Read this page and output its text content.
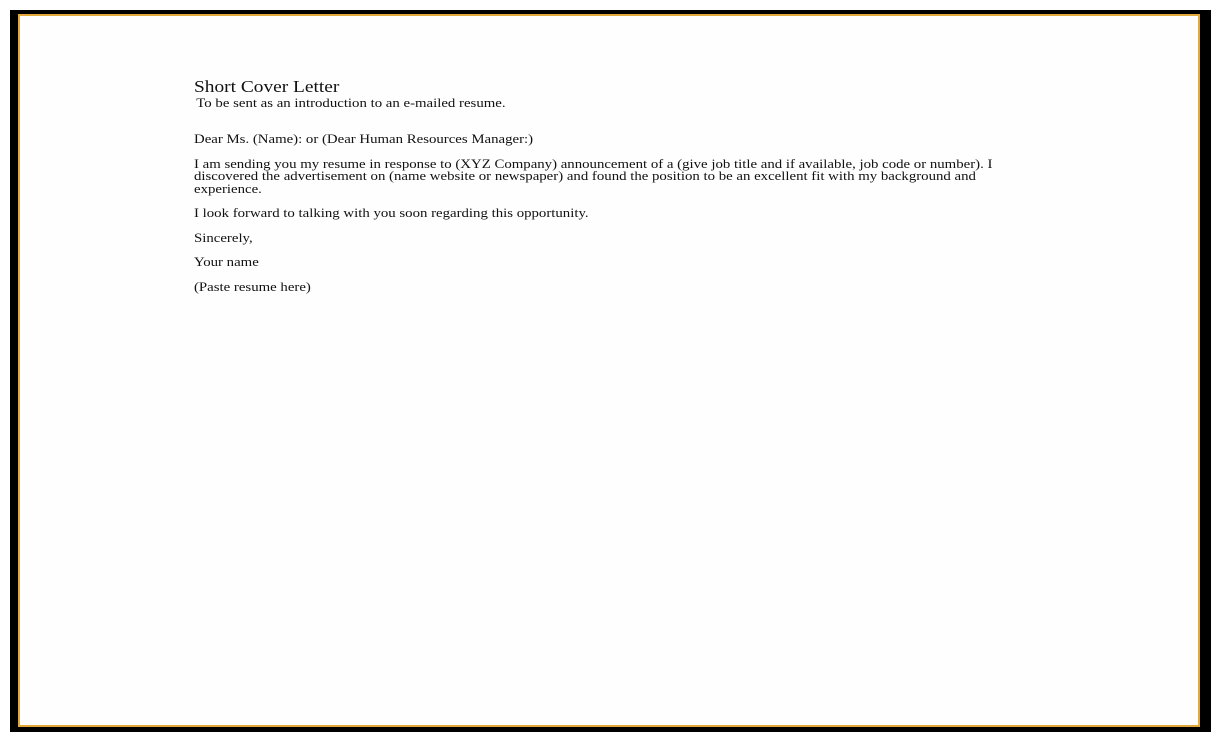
Short Cover Letter
To be sent as an introduction to an e-mailed resume.
Dear Ms. (Name): or (Dear Human Resources Manager:)
I am sending you my resume in response to (XYZ Company) announcement of a (give job title and if available, job code or number). I discovered the advertisement on (name website or newspaper) and found the position to be an excellent fit with my background and experience.
I look forward to talking with you soon regarding this opportunity.
Sincerely,
Your name
(Paste resume here)
